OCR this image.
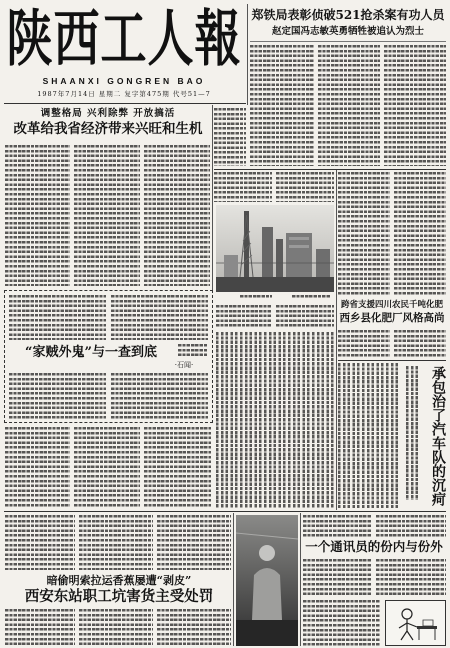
陕西工人報
SHAANXI GONGREN BAO
1987年7月14日 星期二 复字第475期 代号51—7
郑铁局表彰侦破521抢杀案有功人员
赵定国冯志敏英勇牺牲被追认为烈士
调整格局 兴利除弊 开放搞活
改革给我省经济带来兴旺和生机
跨省支援四川农民千吨化肥
西乡县化肥厂风格高尚
承包治了汽车队的沉疴
“家贼外鬼”与一查到底
·石闻·
暗偷明索拉运香蕉屡遭“剥皮”
西安东站职工坑害货主受处罚
一个通讯员的份内与份外
